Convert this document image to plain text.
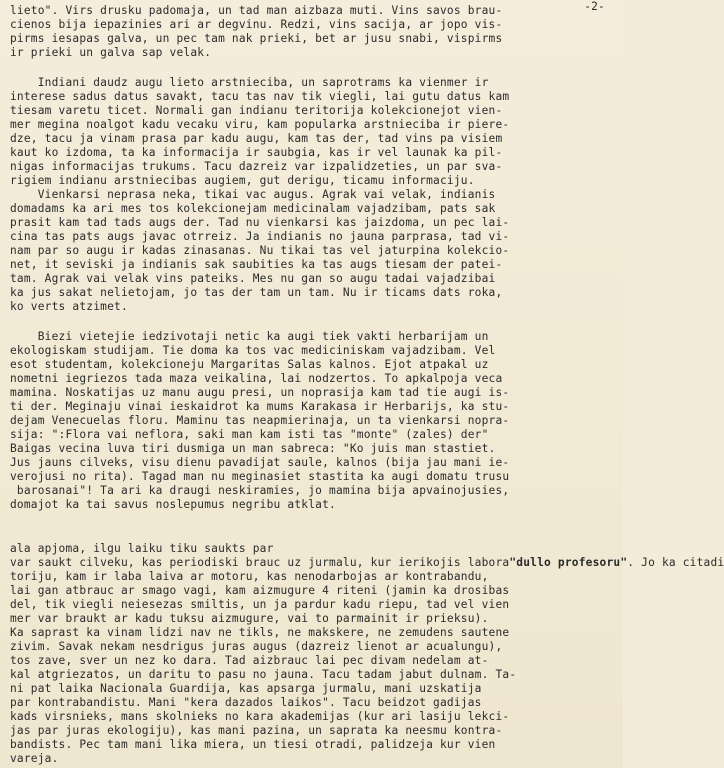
-2-
lieto". Virs drusku padomaja, un tad man aizbaza muti. Vins savos brau-
cienos bija iepazinies ari ar degvinu. Redzi, vins sacija, ar jopo vis-
pirms iesapas galva, un pec tam nak prieki, bet ar jusu snabi, vispirms
ir prieki un galva sap velak.
Indiani daudz augu lieto arstnieciba, un saprotrams ka vienmer ir
interese sadus datus savakt, tacu tas nav tik viegli, lai gutu datus kam
tiesam varetu ticet. Normali gan indianu teritorija kolekcionejot vien-
mer megina noalgot kadu vecaku viru, kam popularka arstnieciba ir piere-
dze, tacu ja vinam prasa par kadu augu, kam tas der, tad vins pa visiem
kaut ko izdoma, ta ka informacija ir saubgia, kas ir vel launak ka pil-
nigas informacijas trukums. Tacu dazreiz var izpalidzeties, un par sva-
rigiem indianu arstniecibas augiem, gut derigu, ticamu informaciju.
Vienkarsi neprasa neka, tikai vac augus. Agrak vai velak, indianis
domadams ka ari mes tos kolekcionejam medicinalam vajadzibam, pats sak
prasit kam tad tads augs der. Tad nu vienkarsi kas jaizdoma, un pec lai-
cina tas pats augs javac otrreiz. Ja indianis no jauna parprasa, tad vi-
nam par so augu ir kadas zinasanas. Nu tikai tas vel jaturpina kolekcio-
net, it seviski ja indianis sak saubities ka tas augs tiesam der patei-
tam. Agrak vai velak vins pateiks. Mes nu gan so augu tadai vajadzibai
ka jus sakat nelietojam, jo tas der tam un tam. Nu ir ticams dats roka,
ko verts atzimet.
Biezi vietejie iedzivotaji netic ka augi tiek vakti herbarijam un
ekologiskam studijam. Tie doma ka tos vac mediciniskam vajadzibam. Vel
esot studentam, kolekcioneju Margaritas Salas kalnos. Ejot atpakal uz
nometni iegriezos tada maza veikalina, lai nodzertos. To apkalpoja veca
mamina. Noskatijas uz manu augu presi, un noprasija kam tad tie augi is-
ti der. Meginaju vinai ieskaidrot ka mums Karakasa ir Herbarijs, ka stu-
dejam Venecuelas floru. Maminu tas neapmierinaja, un ta vienkarsi nopra-
sija: ":Flora vai neflora, saki man kam isti tas "monte" (zales) der"
Baigas vecina luva tiri dusmiga un man sabreca: "Ko juis man stastiet.
Jus jauns cilveks, visu dienu pavadijat saule, kalnos (bija jau mani ie-
verojusi no rita). Tagad man nu meginasiet stastita ka augi domatu trusu
barosanai"! Ta ari ka draugi neskiramies, jo mamina bija apvainojusies,
domajot ka tai savus noslepumus negribu atklat.
ala apjoma, ilgu laiku tiku saukts par
var saukt cilveku, kas periodiski brauc uz jurmalu, kur ierikojis labora"dullo profesoru". Jo ka citadi
toriju, kam ir laba laiva ar motoru, kas nenodarbojas ar kontrabandu,
lai gan atbrauc ar smago vagi, kam aizmugure 4 riteni (jamin ka drosibas
del, tik viegli neiesezas smiltis, un ja pardur kadu riepu, tad vel vien
mer var braukt ar kadu tuksu aizmugure, vai to parmainit ir prieksu).
Ka saprast ka vinam lidzi nav ne tikls, ne makskere, ne zemudens sautene
zivim. Savak nekam nesdrigus juras augus (dazreiz lienot ar acualungu),
tos zave, sver un nez ko dara. Tad aizbrauc lai pec divam nedelam at-
kal atgriezatos, un daritu to pasu no jauna. Tacu tadam jabut dulnam. Ta-
ni pat laika Nacionala Guardija, kas apsarga jurmalu, mani uzskatija
par kontrabandistu. Mani "kera dazados laikos". Tacu beidzot gadijas
kads virsnieks, mans skolnieks no kara akademijas (kur ari lasiju lekci-
jas par juras ekologiju), kas mani pazina, un saprata ka neesmu kontra-
bandists. Pec tam mani lika miera, un tiesi otradi, palidzeja kur vien
vareja.
